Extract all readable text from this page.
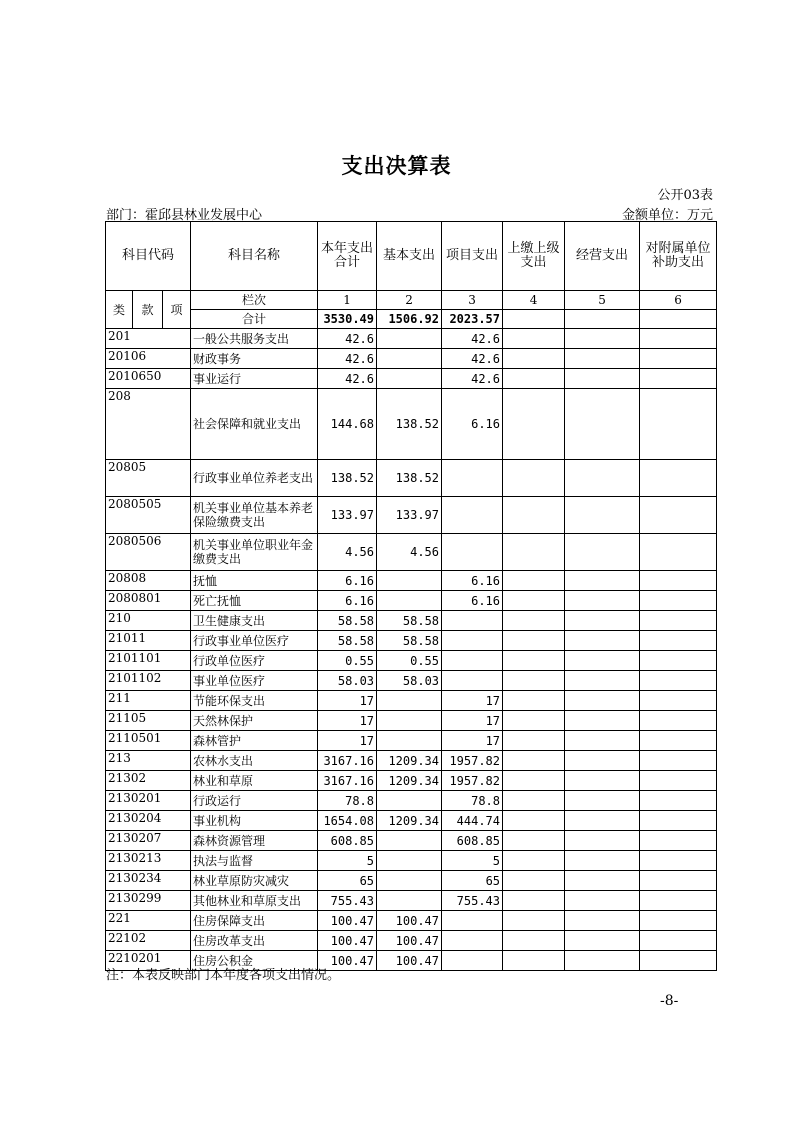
支出决算表
公开03表
部门：霍邱县林业发展中心	金额单位：万元
科目代码			科目名称	本年支出合计	基本支出	项目支出	上缴上级支出	经营支出	对附属单位补助支出
类	款	项	栏次	1	2	3	4	5	6
			合计	3530.49	1506.92	2023.57			
201			一般公共服务支出	42.6		42.6			
20106			财政事务	42.6		42.6			
2010650			事业运行	42.6		42.6			
208			社会保障和就业支出	144.68	138.52	6.16			
20805			行政事业单位养老支出	138.52	138.52				
2080505			机关事业单位基本养老保险缴费支出	133.97	133.97				
2080506			机关事业单位职业年金缴费支出	4.56	4.56				
20808			抚恤	6.16		6.16			
2080801			死亡抚恤	6.16		6.16			
210			卫生健康支出	58.58	58.58				
21011			行政事业单位医疗	58.58	58.58				
2101101			行政单位医疗	0.55	0.55				
2101102			事业单位医疗	58.03	58.03				
211			节能环保支出	17		17			
21105			天然林保护	17		17			
2110501			森林管护	17		17			
213			农林水支出	3167.16	1209.34	1957.82			
21302			林业和草原	3167.16	1209.34	1957.82			
2130201			行政运行	78.8		78.8			
2130204			事业机构	1654.08	1209.34	444.74			
2130207			森林资源管理	608.85		608.85			
2130213			执法与监督	5		5			
2130234			林业草原防灾减灾	65		65			
2130299			其他林业和草原支出	755.43		755.43			
221			住房保障支出	100.47	100.47				
22102			住房改革支出	100.47	100.47				
2210201			住房公积金	100.47	100.47				
注：本表反映部门本年度各项支出情况。
-8-
